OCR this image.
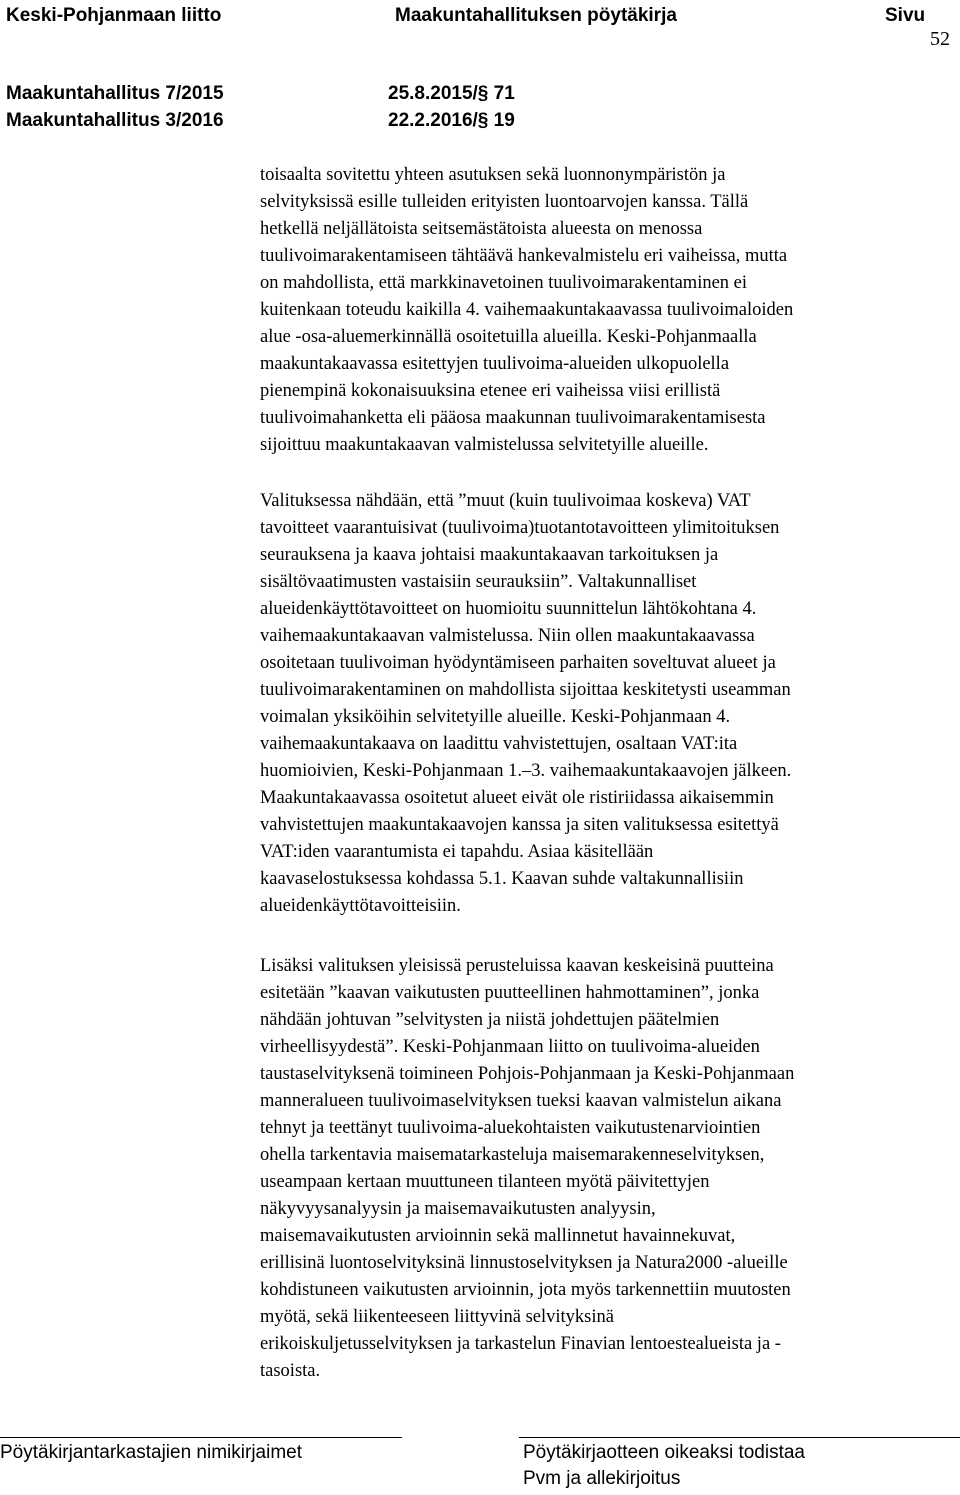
Keski-Pohjanmaan liitto	Maakuntahallituksen pöytäkirja	Sivu
52
Maakuntahallitus 7/2015	25.8.2015/§ 71
Maakuntahallitus 3/2016	22.2.2016/§ 19
toisaalta sovitettu yhteen asutuksen sekä luonnonympäristön ja
selvityksissä esille tulleiden erityisten luontoarvojen kanssa. Tällä
hetkellä neljällätoista seitsemästätoista alueesta on menossa
tuulivoimarakentamiseen tähtäävä hankevalmistelu eri vaiheissa, mutta
on mahdollista, että markkinavetoinen tuulivoimarakentaminen ei
kuitenkaan toteudu kaikilla 4. vaihemaakuntakaavassa tuulivoimaloiden
alue -osa-aluemerkinnällä osoitetuilla alueilla. Keski-Pohjanmaalla
maakuntakaavassa esitettyjen tuulivoima-alueiden ulkopuolella
pienempinä kokonaisuuksina etenee eri vaiheissa viisi erillistä
tuulivoimahanketta eli pääosa maakunnan tuulivoimarakentamisesta
sijoittuu maakuntakaavan valmistelussa selvitetyille alueille.
Valituksessa nähdään, että ”muut (kuin tuulivoimaa koskeva) VAT
tavoitteet vaarantuisivat (tuulivoima)tuotantotavoitteen ylimitoituksen
seurauksena ja kaava johtaisi maakuntakaavan tarkoituksen ja
sisältövaatimusten vastaisiin seurauksiin”. Valtakunnalliset
alueidenkäyttötavoitteet on huomioitu suunnittelun lähtökohtana 4.
vaihemaakuntakaavan valmistelussa. Niin ollen maakuntakaavassa
osoitetaan tuulivoiman hyödyntämiseen parhaiten soveltuvat alueet ja
tuulivoimarakentaminen on mahdollista sijoittaa keskitetysti useamman
voimalan yksiköihin selvitetyille alueille. Keski-Pohjanmaan 4.
vaihemaakuntakaava on laadittu vahvistettujen, osaltaan VAT:ita
huomioivien, Keski-Pohjanmaan 1.–3. vaihemaakuntakaavojen jälkeen.
Maakuntakaavassa osoitetut alueet eivät ole ristiriidassa aikaisemmin
vahvistettujen maakuntakaavojen kanssa ja siten valituksessa esitettyä
VAT:iden vaarantumista ei tapahdu. Asiaa käsitellään
kaavaselostuksessa kohdassa 5.1. Kaavan suhde valtakunnallisiin
alueidenkäyttötavoitteisiin.
Lisäksi valituksen yleisissä perusteluissa kaavan keskeisinä puutteina
esitetään ”kaavan vaikutusten puutteellinen hahmottaminen”, jonka
nähdään johtuvan ”selvitysten ja niistä johdettujen päätelmien
virheellisyydestä”. Keski-Pohjanmaan liitto on tuulivoima-alueiden
taustaselvityksenä toimineen Pohjois-Pohjanmaan ja Keski-Pohjanmaan
manneralueen tuulivoimaselvityksen tueksi kaavan valmistelun aikana
tehnyt ja teettänyt tuulivoima-aluekohtaisten vaikutustenarviointien
ohella tarkentavia maisematarkasteluja maisemarakenneselvityksen,
useampaan kertaan muuttuneen tilanteen myötä päivitettyjen
näkyvyysanalyysin ja maisemavaikutusten analyysin,
maisemavaikutusten arvioinnin sekä mallinnetut havainnekuvat,
erillisinä luontoselvityksinä linnustoselvityksen ja Natura2000 -alueille
kohdistuneen vaikutusten arvioinnin, jota myös tarkennettiin muutosten
myötä, sekä liikenteeseen liittyvinä selvityksinä
erikoiskuljetusselvityksen ja tarkastelun Finavian lentoestealueista ja -
tasoista.
Pöytäkirjantarkastajien nimikirjaimet	Pöytäkirjaotteen oikeaksi todistaa
Pvm ja allekirjoitus
